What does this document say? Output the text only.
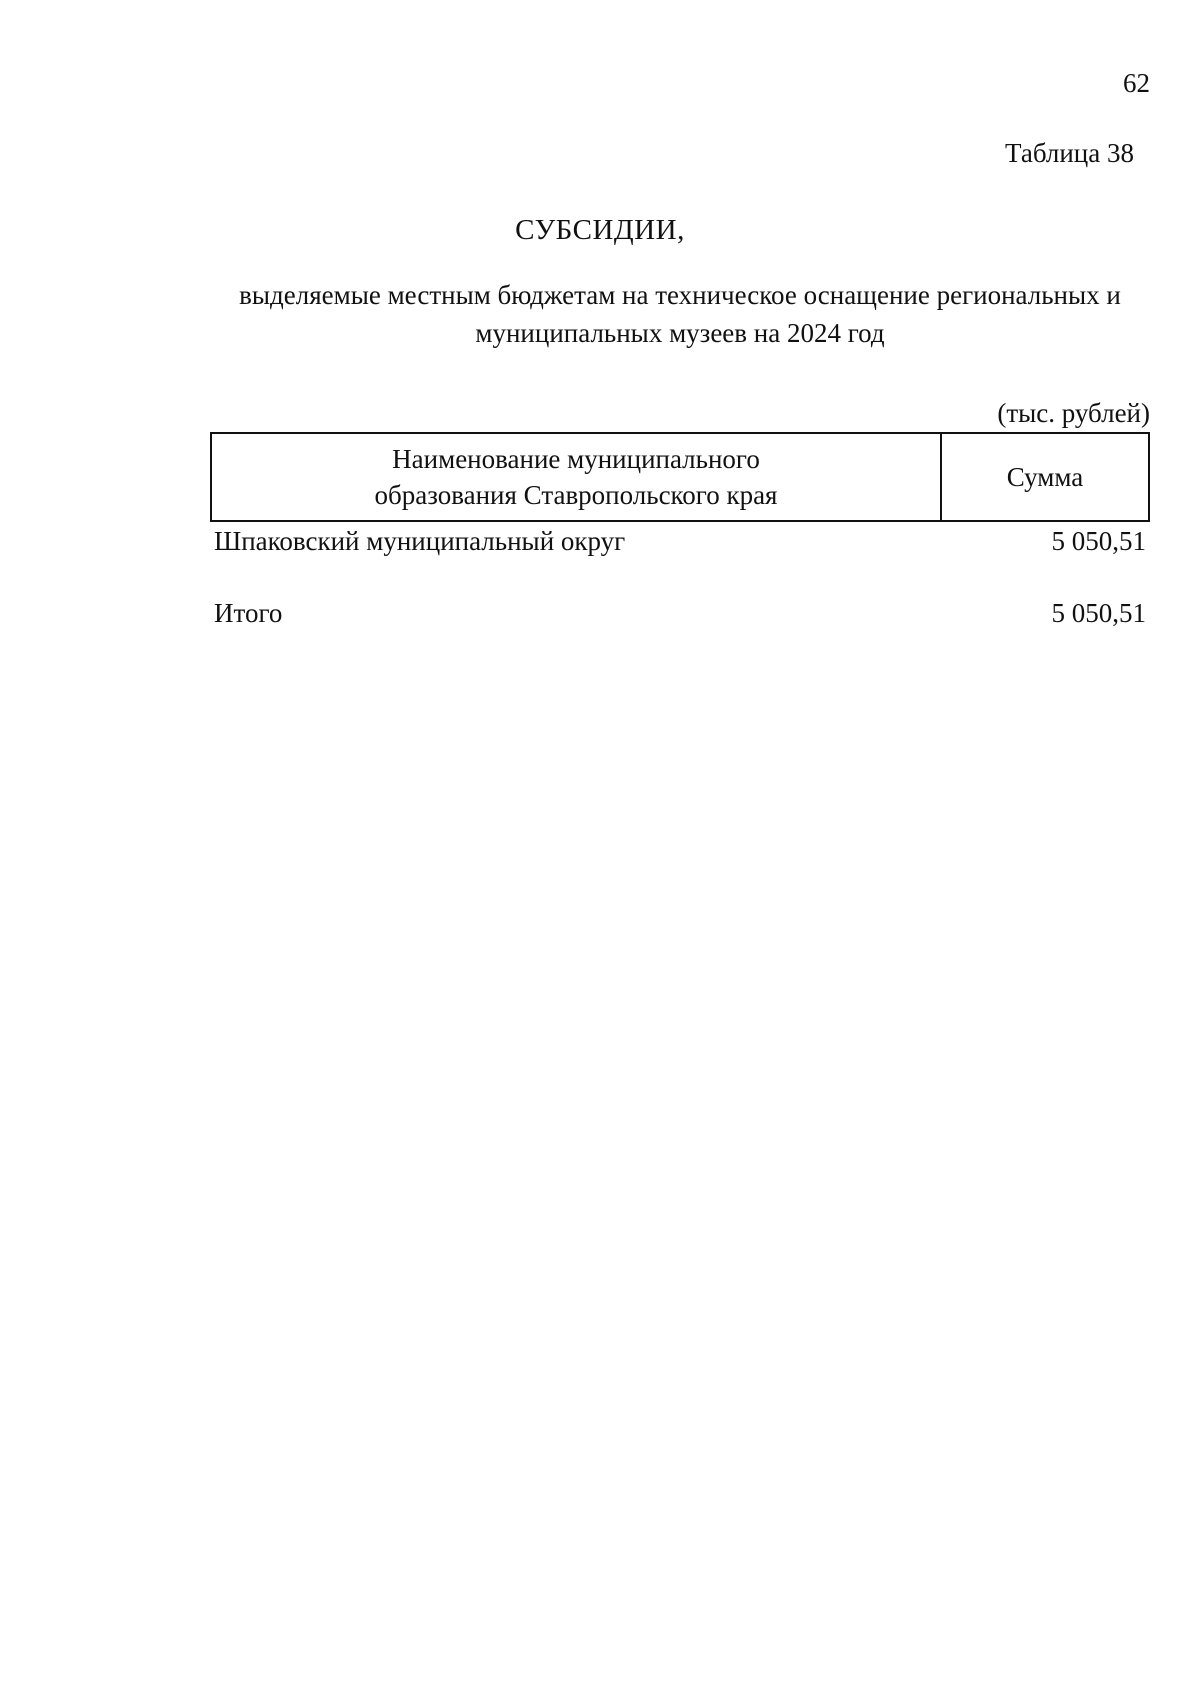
62
Таблица 38
СУБСИДИИ,
выделяемые местным бюджетам на техническое оснащение региональных и муниципальных музеев на 2024 год
(тыс. рублей)
Наименование муниципального образования Ставропольского края
Сумма
Шпаковский муниципальный округ	5 050,51
Итого	5 050,51
